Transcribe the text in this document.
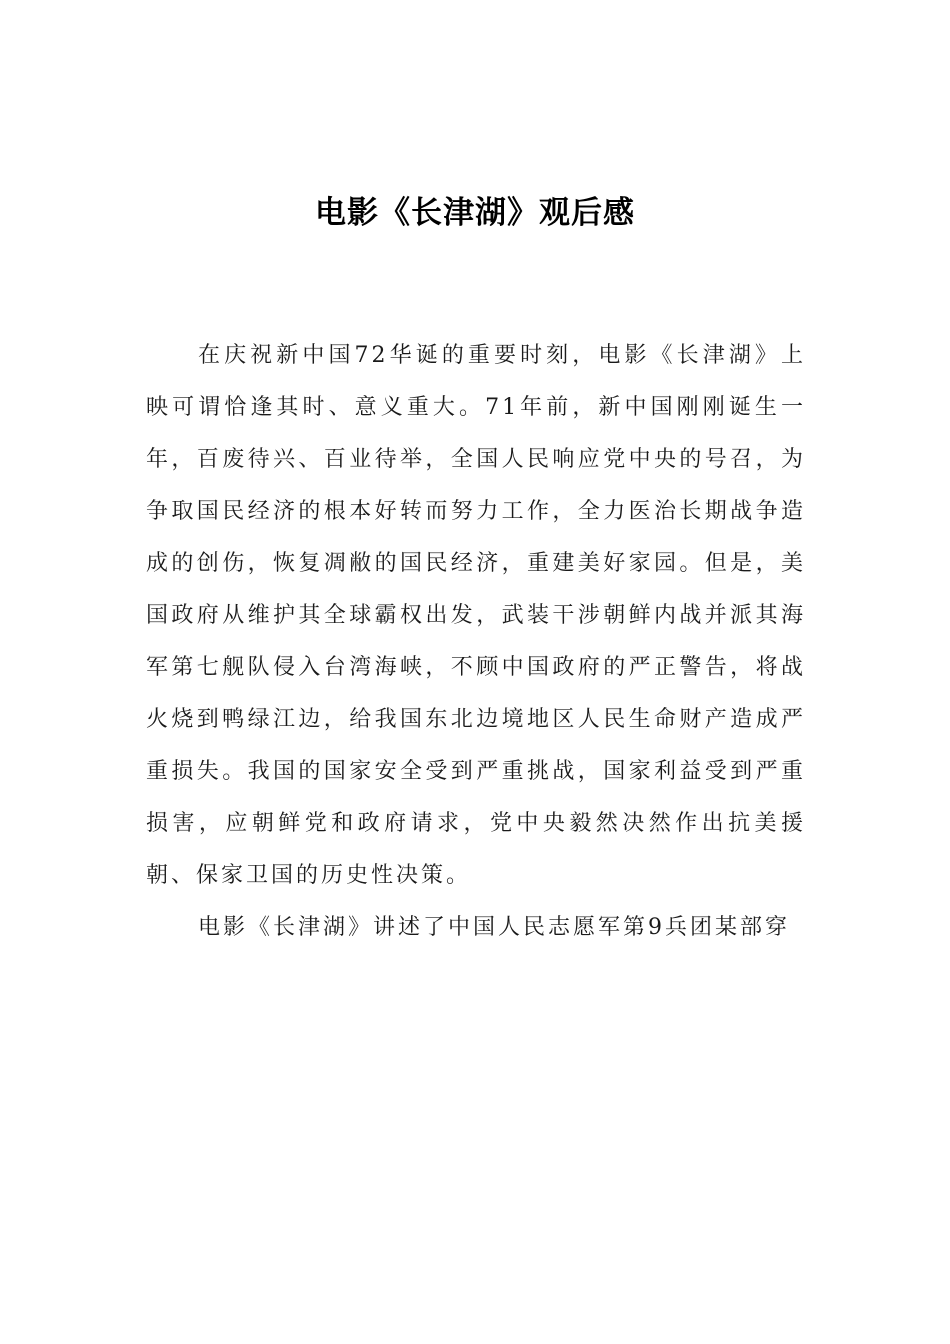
电影《长津湖》观后感

在庆祝新中国72华诞的重要时刻，电影《长津湖》上映可谓恰逢其时、意义重大。71年前，新中国刚刚诞生一年，百废待兴、百业待举，全国人民响应党中央的号召，为争取国民经济的根本好转而努力工作，全力医治长期战争造成的创伤，恢复凋敝的国民经济，重建美好家园。但是，美国政府从维护其全球霸权出发，武装干涉朝鲜内战并派其海军第七舰队侵入台湾海峡，不顾中国政府的严正警告，将战火烧到鸭绿江边，给我国东北边境地区人民生命财产造成严重损失。我国的国家安全受到严重挑战，国家利益受到严重损害，应朝鲜党和政府请求，党中央毅然决然作出抗美援朝、保家卫国的历史性决策。

电影《长津湖》讲述了中国人民志愿军第9兵团某部穿
